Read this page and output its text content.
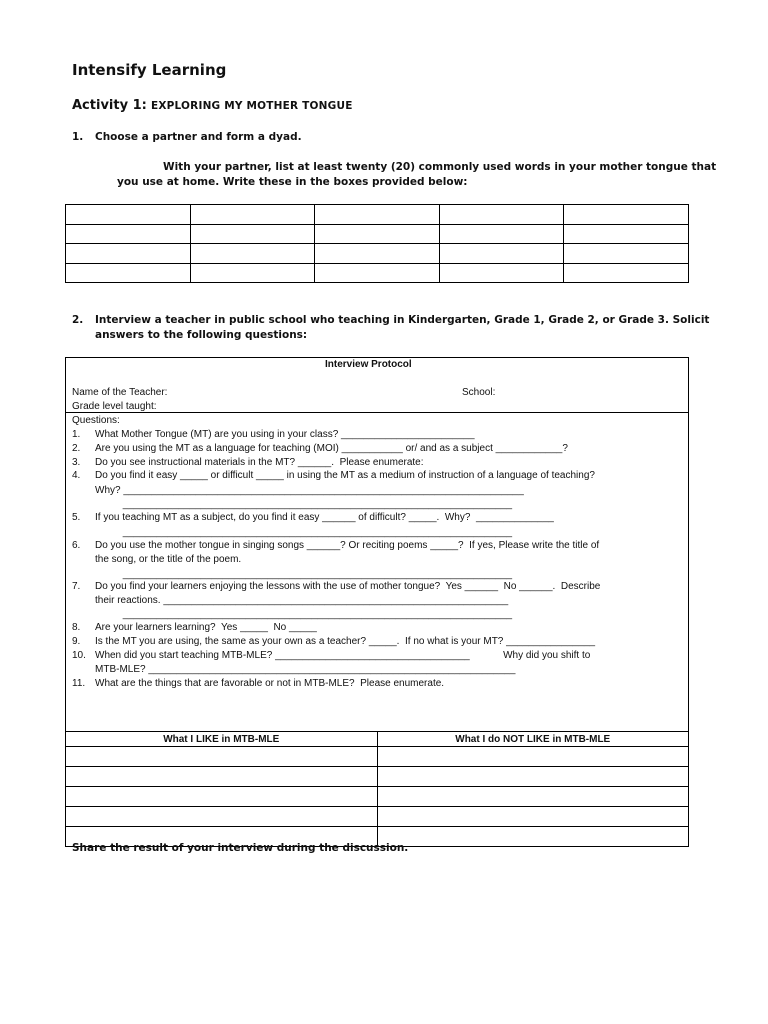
Intensify Learning
Activity 1: EXPLORING MY MOTHER TONGUE
1. Choose a partner and form a dyad.
With your partner, list at least twenty (20) commonly used words in your mother tongue that
you use at home. Write these in the boxes provided below:

2. Interview a teacher in public school who teaching in Kindergarten, Grade 1, Grade 2, or Grade 3. Solicit
answers to the following questions:
Interview Protocol
Name of the Teacher:	School:
Grade level taught:
Questions:
1. What Mother Tongue (MT) are you using in your class? ________________________
2. Are you using the MT as a language for teaching (MOI) ___________ or/ and as a subject ____________?
3. Do you see instructional materials in the MT? ______.  Please enumerate:
4. Do you find it easy _____ or difficult _____ in using the MT as a medium of instruction of a language of teaching?
Why? ________________________________________________________________________
______________________________________________________________________
5. If you teaching MT as a subject, do you find it easy ______ of difficult? _____.  Why?  ______________
______________________________________________________________________
6. Do you use the mother tongue in singing songs ______? Or reciting poems _____?  If yes, Please write the title of
the song, or the title of the poem.
______________________________________________________________________
7. Do you find your learners enjoying the lessons with the use of mother tongue?  Yes ______  No ______.  Describe
their reactions. ______________________________________________________________
______________________________________________________________________
8. Are your learners learning?  Yes _____  No _____
9. Is the MT you are using, the same as your own as a teacher? _____.  If no what is your MT? ________________
10. When did you start teaching MTB-MLE? ___________________________________            Why did you shift to
MTB-MLE? __________________________________________________________________
11. What are the things that are favorable or not in MTB-MLE?  Please enumerate.
What I LIKE in MTB-MLE	What I do NOT LIKE in MTB-MLE

Share the result of your interview during the discussion.
